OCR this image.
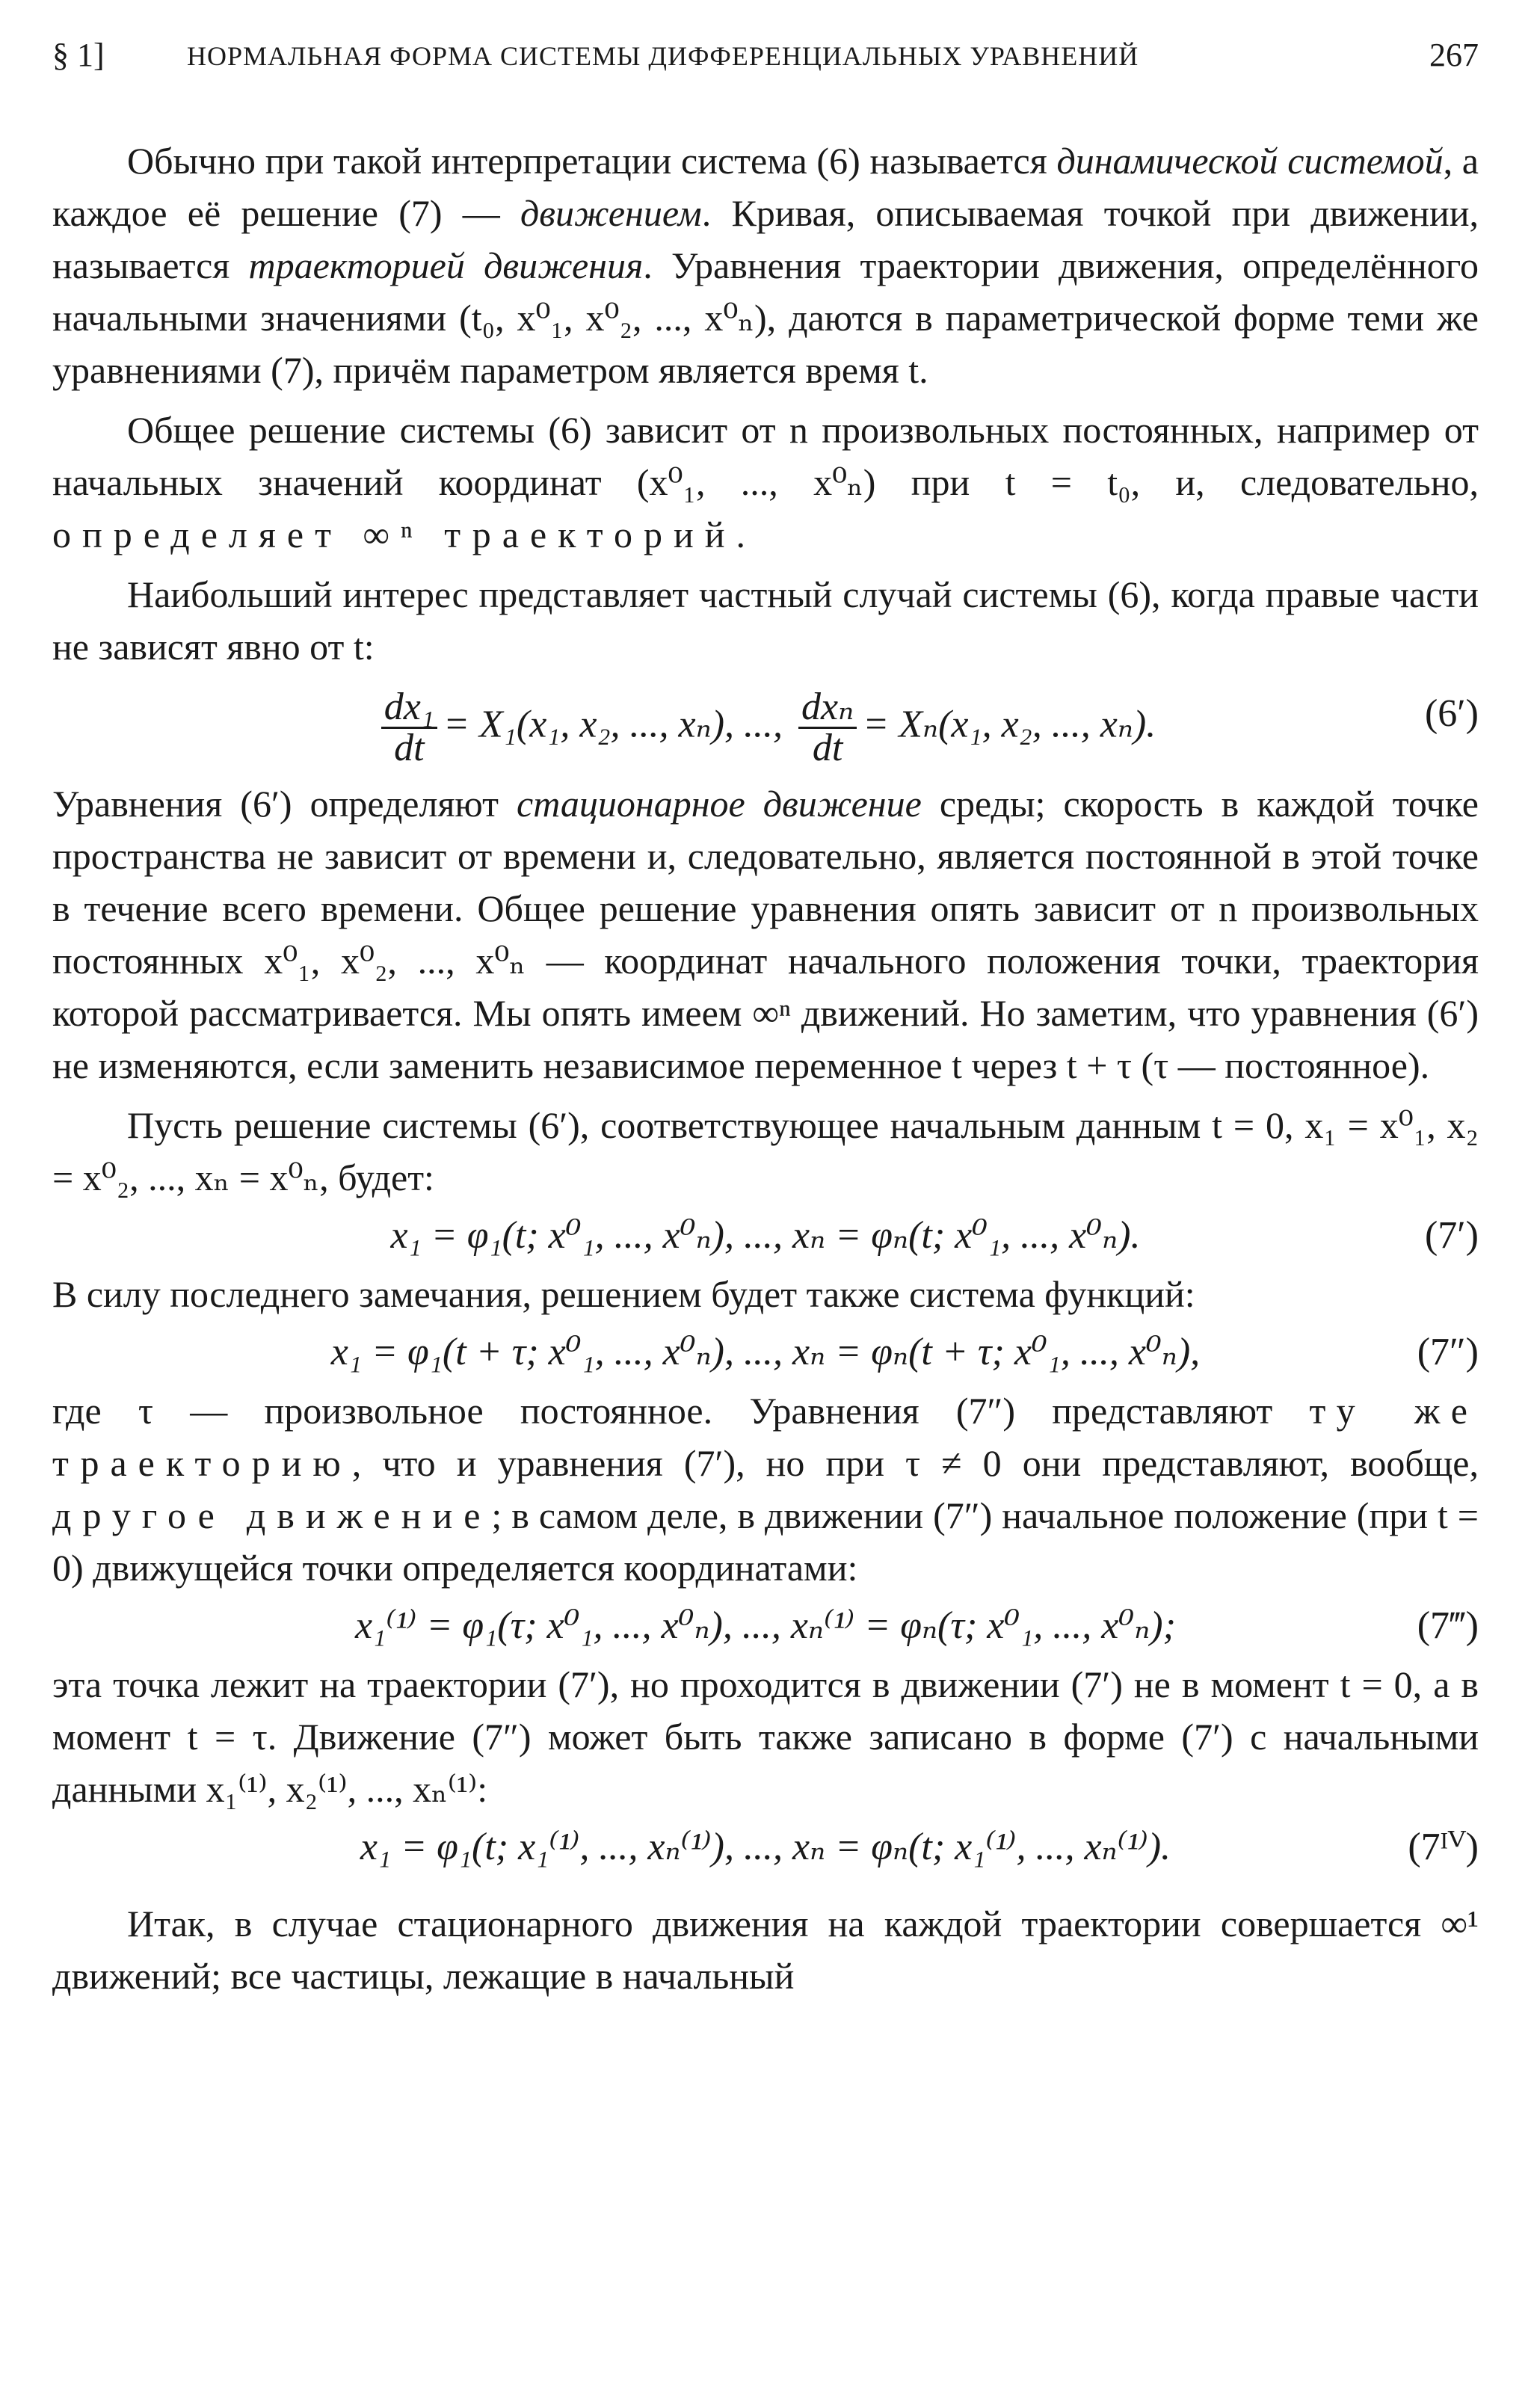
§ 1]	НОРМАЛЬНАЯ ФОРМА СИСТЕМЫ ДИФФЕРЕНЦИАЛЬНЫХ УРАВНЕНИЙ	267

Обычно при такой интерпретации система (6) называется динамической системой, а каждое её решение (7) — движением. Кривая, описываемая точкой при движении, называется траекторией движения. Уравнения траектории движения, определённого начальными значениями (t₀, x⁰₁, x⁰₂, ..., x⁰ₙ), даются в параметрической форме теми же уравнениями (7), причём параметром является время t.

Общее решение системы (6) зависит от n произвольных постоянных, например от начальных значений координат (x⁰₁, ..., x⁰ₙ) при t = t₀, и, следовательно, определяет ∞ⁿ траекторий.

Наибольший интерес представляет частный случай системы (6), когда правые части не зависят явно от t:

$\frac{\text{dx₁}}{dt} = X_1(x_1$, x₂, ..., xₙ), ..., $\frac{\text{dxₙ}}{dt} = X_n(x_1$, x₂, ..., xₙ).	(6′)

Уравнения (6′) определяют стационарное движение среды; скорость в каждой точке пространства не зависит от времени и, следовательно, является постоянной в этой точке в течение всего времени. Общее решение уравнения опять зависит от n произвольных постоянных x⁰₁, x⁰₂, ..., x⁰ₙ — координат начального положения точки, траектория которой рассматривается. Мы опять имеем ∞ⁿ движений. Но заметим, что уравнения (6′) не изменяются, если заменить независимое переменное t через t + τ (τ — постоянное).

Пусть решение системы (6′), соответствующее начальным данным t = 0, x₁ = x⁰₁, x₂ = x⁰₂, ..., xₙ = x⁰ₙ, будет:

x₁ = φ₁(t; x⁰₁, ..., x⁰ₙ), ..., xₙ = φₙ(t; x⁰₁, ..., x⁰ₙ).	(7′)

В силу последнего замечания, решением будет также система функций:

x₁ = φ₁(t + τ; x⁰₁, ..., x⁰ₙ), ..., xₙ = φₙ(t + τ; x⁰₁, ..., x⁰ₙ),	(7″)

где τ — произвольное постоянное. Уравнения (7″) представляют ту же траекторию, что и уравнения (7′), но при τ ≠ 0 они представляют, вообще, другое движение; в самом деле, в движении (7″) начальное положение (при t = 0) движущейся точки определяется координатами:

x₁⁽¹⁾ = φ₁(τ; x⁰₁, ..., x⁰ₙ), ..., xₙ⁽¹⁾ = φₙ(τ; x⁰₁, ..., x⁰ₙ);	(7‴)

эта точка лежит на траектории (7′), но проходится в движении (7′) не в момент t = 0, а в момент t = τ. Движение (7″) может быть также записано в форме (7′) с начальными данными x₁⁽¹⁾, x₂⁽¹⁾, ..., xₙ⁽¹⁾:

x₁ = φ₁(t; x₁⁽¹⁾, ..., xₙ⁽¹⁾), ..., xₙ = φₙ(t; x₁⁽¹⁾, ..., xₙ⁽¹⁾).	(7ᴵⱽ)

Итак, в случае стационарного движения на каждой траектории совершается ∞¹ движений; все частицы, лежащие в начальный
